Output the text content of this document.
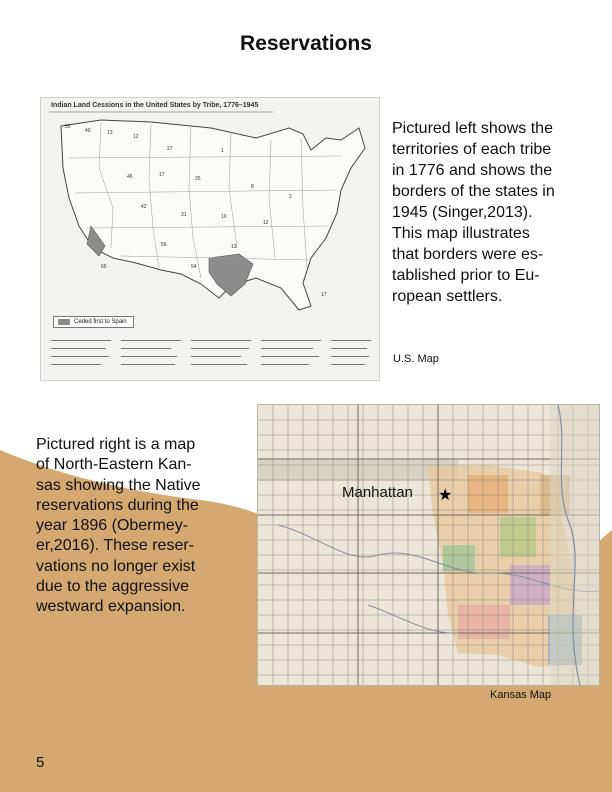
Reservations
Indian Land Cessions in the United States by Tribe, 1776–1945
35
40	13
12
27	1
46	17
25
8
2
42
31	10
12
56
54
13
65
17
Ceded first to Spain
Pictured left shows the
territories of each tribe
in 1776 and shows the
borders of the states in
1945 (Singer,2013).
This map illustrates
that borders were es-
tablished prior to Eu-
ropean settlers.
U.S. Map
Manhattan ★
Pictured right is a map
of North-Eastern Kan-
sas showing the Native
reservations during the
year 1896 (Obermey-
er,2016). These reser-
vations no longer exist
due to the aggressive
westward expansion.
Kansas Map
5
